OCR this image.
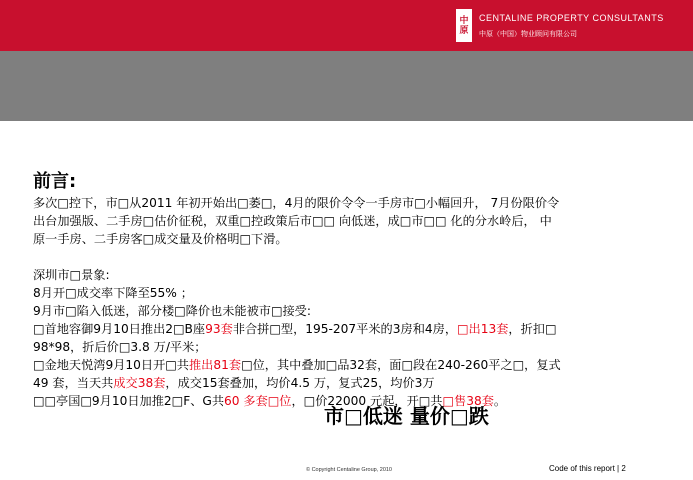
中
原
CENTALINE PROPERTY CONSULTANTS
中原（中国）物业顾问有限公司
前言:
多次□控下，市□从2011 年初开始出□萎□，4月的限价令令一手房市□小幅回升， 7月份限价令
出台加强版、二手房□估价征税，双重□控政策后市□□ 向低迷，成□市□□ 化的分水岭后， 中
原一手房、二手房客□成交量及价格明□下滑。
深圳市□景象:
8月开□成交率下降至55% ；
9月市□陷入低迷，部分楼□降价也未能被市□接受:
□首地容御9月10日推出2□B座93套非合拼□型，195-207平米的3房和4房，□出13套，折扣□
98*98，折后价□3.8 万/平米；
□金地天悦湾9月10日开□共推出81套□位，其中叠加□品32套，面□段在240-260平之□，复式
49 套，当天共成交38套，成交15套叠加，均价4.5 万，复式25，均价3万
□□亭国□9月10日加推2□F、G共60 多套□位，□价22000 元起，开□共□售38套。
市□低迷 量价□跌
© Copyright Centaline Group, 2010	Code of this report | 2
